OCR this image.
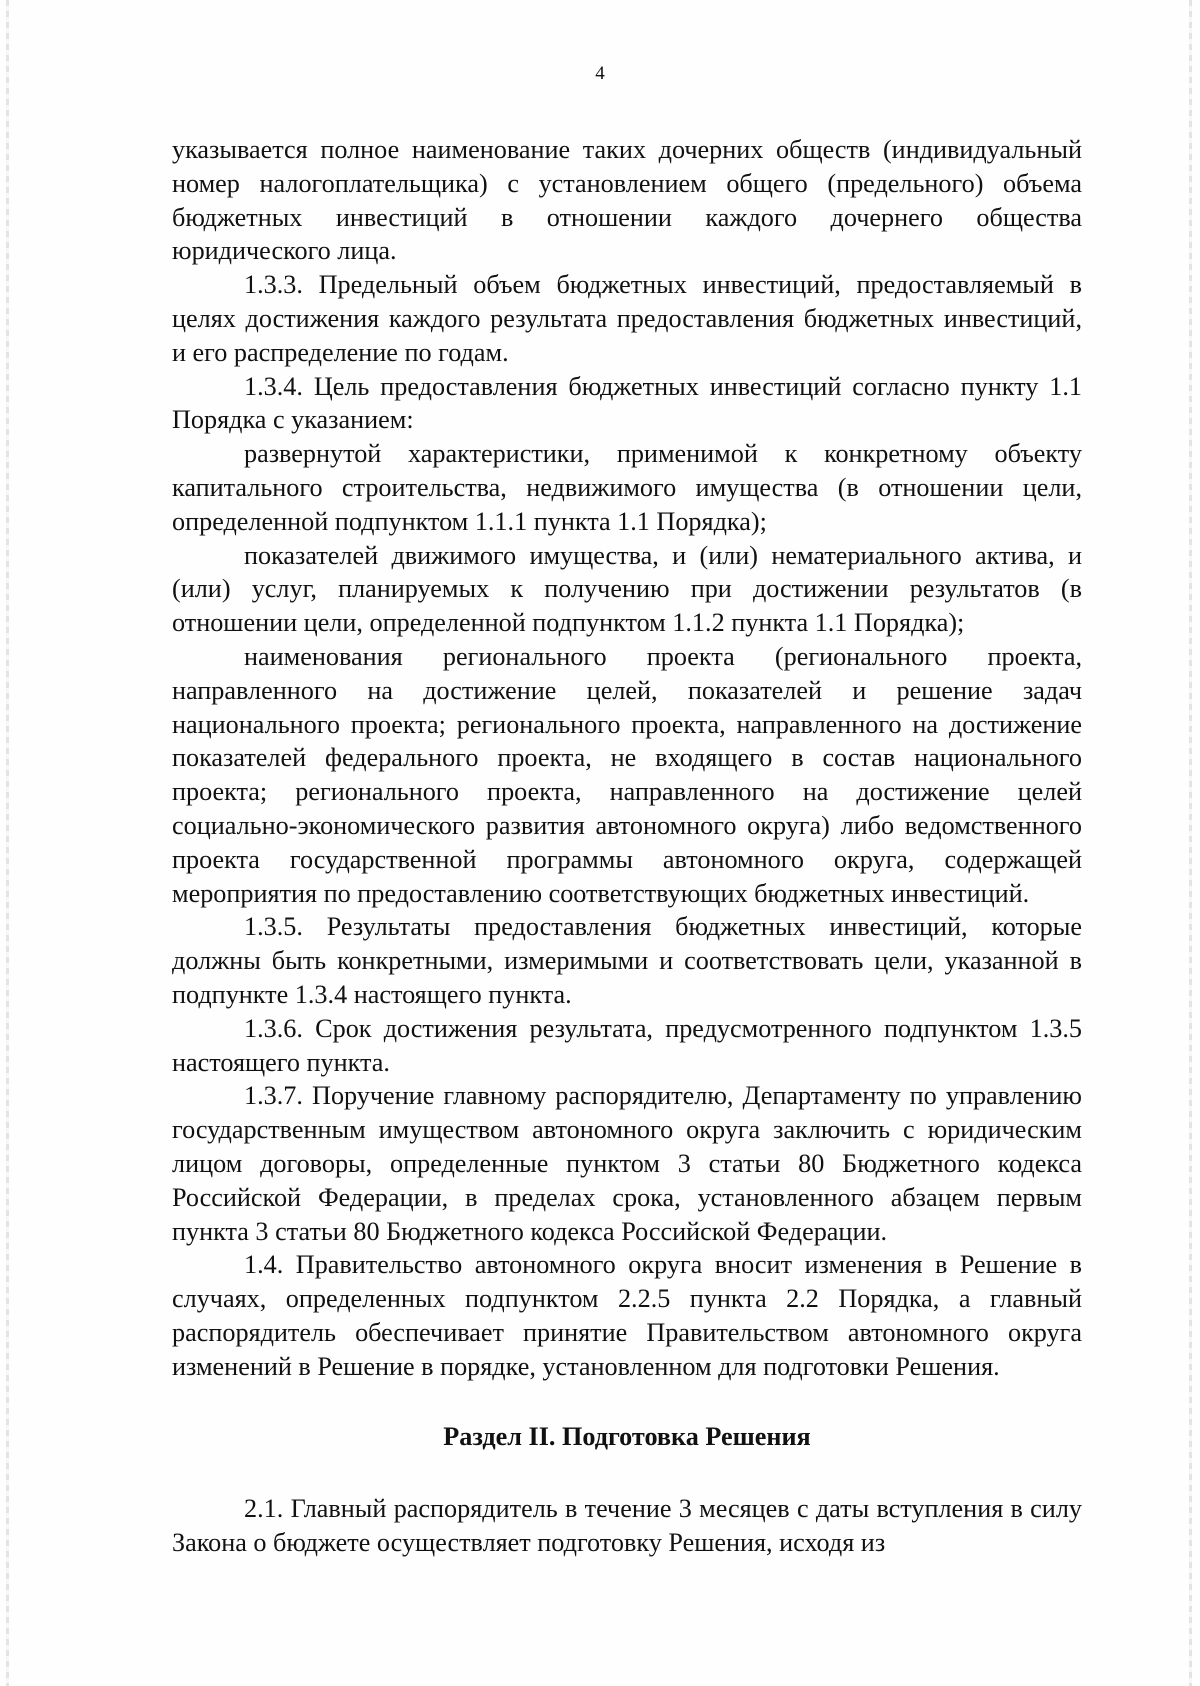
4

указывается полное наименование таких дочерних обществ (индивидуальный номер налогоплательщика) с установлением общего (предельного) объема бюджетных инвестиций в отношении каждого дочернего общества юридического лица.

1.3.3. Предельный объем бюджетных инвестиций, предоставляемый в целях достижения каждого результата предоставления бюджетных инвестиций, и его распределение по годам.

1.3.4. Цель предоставления бюджетных инвестиций согласно пункту 1.1 Порядка с указанием:

развернутой характеристики, применимой к конкретному объекту капитального строительства, недвижимого имущества (в отношении цели, определенной подпунктом 1.1.1 пункта 1.1 Порядка);

показателей движимого имущества, и (или) нематериального актива, и (или) услуг, планируемых к получению при достижении результатов (в отношении цели, определенной подпунктом 1.1.2 пункта 1.1 Порядка);

наименования регионального проекта (регионального проекта, направленного на достижение целей, показателей и решение задач национального проекта; регионального проекта, направленного на достижение показателей федерального проекта, не входящего в состав национального проекта; регионального проекта, направленного на достижение целей социально-экономического развития автономного округа) либо ведомственного проекта государственной программы автономного округа, содержащей мероприятия по предоставлению соответствующих бюджетных инвестиций.

1.3.5. Результаты предоставления бюджетных инвестиций, которые должны быть конкретными, измеримыми и соответствовать цели, указанной в подпункте 1.3.4 настоящего пункта.

1.3.6. Срок достижения результата, предусмотренного подпунктом 1.3.5 настоящего пункта.

1.3.7. Поручение главному распорядителю, Департаменту по управлению государственным имуществом автономного округа заключить с юридическим лицом договоры, определенные пунктом 3 статьи 80 Бюджетного кодекса Российской Федерации, в пределах срока, установленного абзацем первым пункта 3 статьи 80 Бюджетного кодекса Российской Федерации.

1.4. Правительство автономного округа вносит изменения в Решение в случаях, определенных подпунктом 2.2.5 пункта 2.2 Порядка, а главный распорядитель обеспечивает принятие Правительством автономного округа изменений в Решение в порядке, установленном для подготовки Решения.

Раздел II. Подготовка Решения

2.1. Главный распорядитель в течение 3 месяцев с даты вступления в силу Закона о бюджете осуществляет подготовку Решения, исходя из
